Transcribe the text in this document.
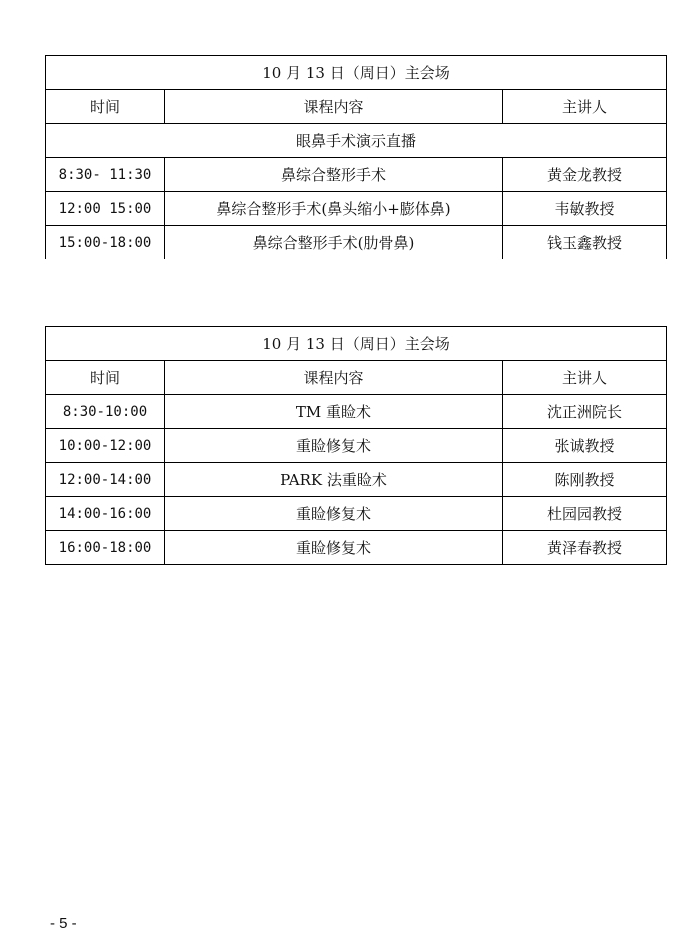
10 月 13 日（周日）主会场		
时间	课程内容	主讲人
眼鼻手术演示直播		
8:30- 11:30	鼻综合整形手术	黄金龙教授
12:00 15:00	鼻综合整形手术(鼻头缩小+膨体鼻)	韦敏教授
15:00-18:00	鼻综合整形手术(肋骨鼻)	钱玉鑫教授
10 月 13 日（周日）主会场		
时间	课程内容	主讲人
8:30-10:00	TM 重睑术	沈正洲院长
10:00-12:00	重睑修复术	张诚教授
12:00-14:00	PARK 法重睑术	陈刚教授
14:00-16:00	重睑修复术	杜园园教授
16:00-18:00	重睑修复术	黄泽春教授
- 5 -
